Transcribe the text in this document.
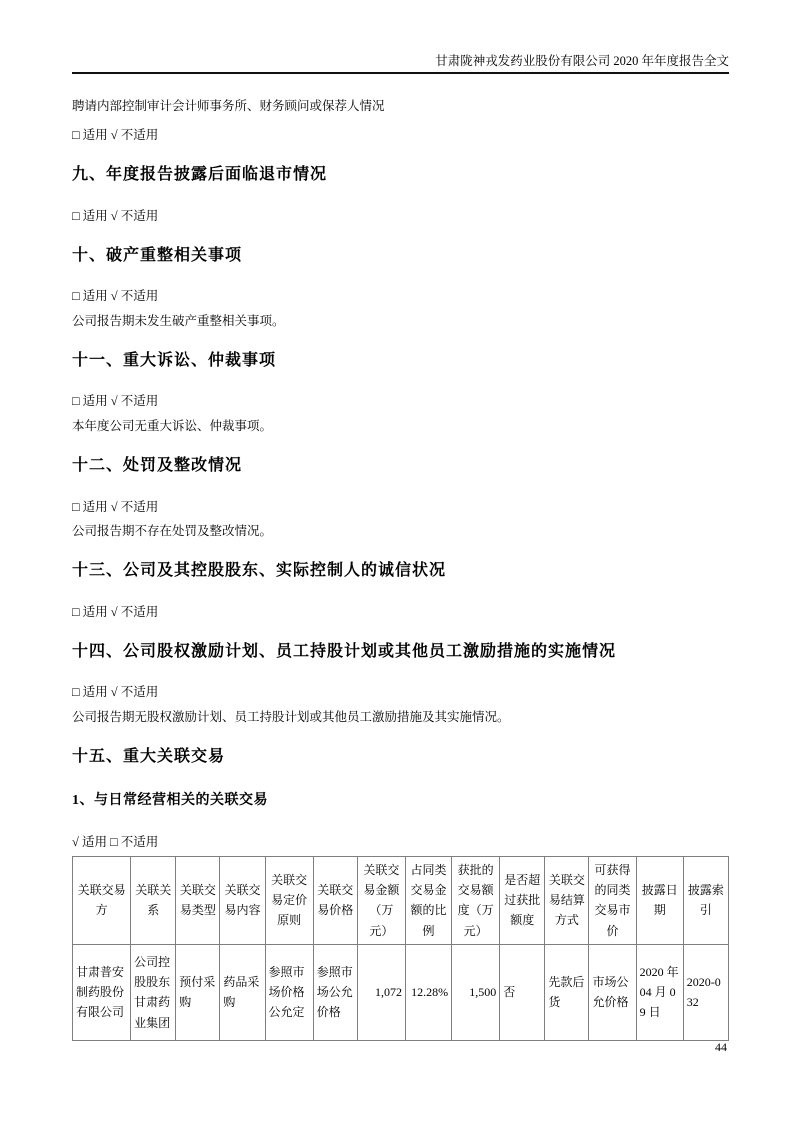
甘肃陇神戎发药业股份有限公司 2020 年年度报告全文

聘请内部控制审计会计师事务所、财务顾问或保荐人情况

□ 适用 √ 不适用

九、年度报告披露后面临退市情况

□ 适用 √ 不适用

十、破产重整相关事项

□ 适用 √ 不适用

公司报告期未发生破产重整相关事项。

十一、重大诉讼、仲裁事项

□ 适用 √ 不适用

本年度公司无重大诉讼、仲裁事项。

十二、处罚及整改情况

□ 适用 √ 不适用

公司报告期不存在处罚及整改情况。

十三、公司及其控股股东、实际控制人的诚信状况

□ 适用 √ 不适用

十四、公司股权激励计划、员工持股计划或其他员工激励措施的实施情况

□ 适用 √ 不适用

公司报告期无股权激励计划、员工持股计划或其他员工激励措施及其实施情况。

十五、重大关联交易
1、与日常经营相关的关联交易

√ 适用 □ 不适用

关联交易方	关联关系	关联交易类型	关联交易内容	关联交易定价原则	关联交易价格	关联交易金额（万元）	占同类交易金额的比例	获批的交易额度（万元）	是否超过获批额度	关联交易结算方式	可获得的同类交易市价	披露日期	披露索引
甘肃普安制药股份有限公司	公司控股股东甘肃药业集团	预付采购	药品采购	参照市场价格公允定	参照市场公允价格	1,072	12.28%	1,500	否	先款后货	市场公允价格	2020 年 04 月 09 日	2020-032
44
